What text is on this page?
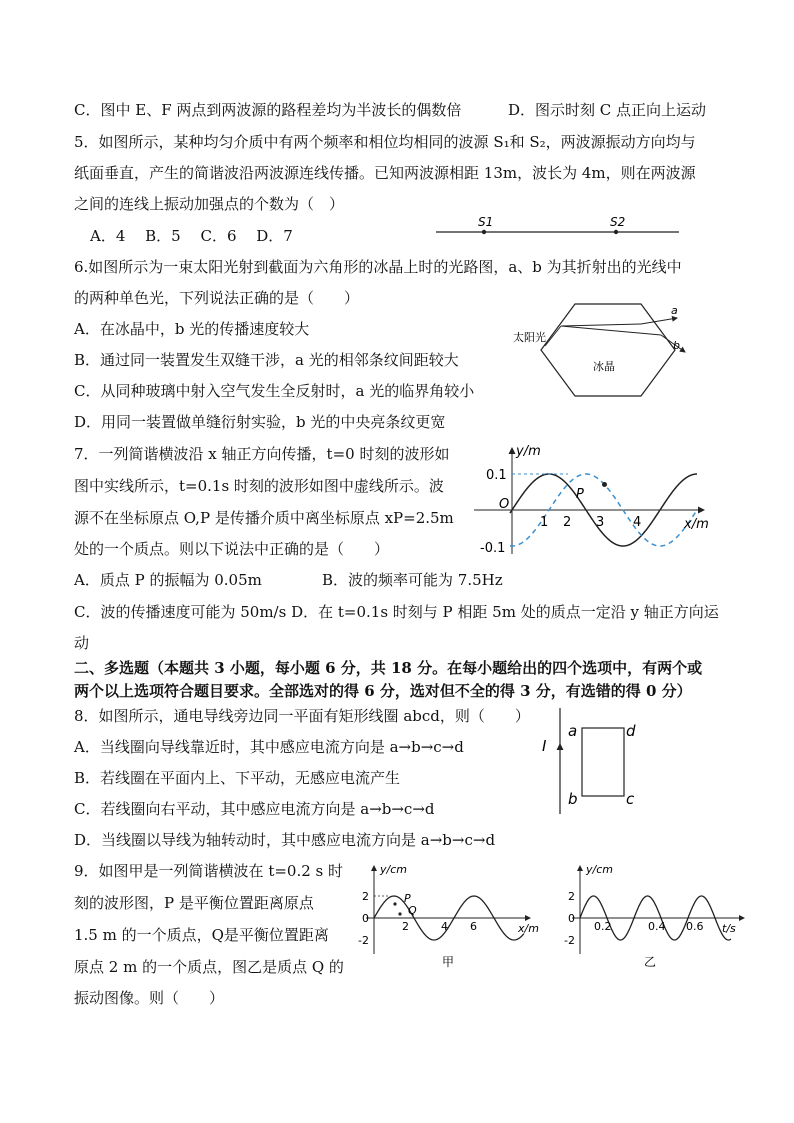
C．图中 E、F 两点到两波源的路程差均为半波长的偶数倍	D．图示时刻 C 点正向上运动
5．如图所示，某种均匀介质中有两个频率和相位均相同的波源 S₁和 S₂，两波源振动方向均与
纸面垂直，产生的简谐波沿两波源连线传播。已知两波源相距 13m，波长为 4m，则在两波源
之间的连线上振动加强点的个数为（　）
A．4　 B．5　 C．6　 D．7
6.如图所示为一束太阳光射到截面为六角形的冰晶上时的光路图，a、b 为其折射出的光线中
的两种单色光，下列说法正确的是（　　）
A．在冰晶中，b 光的传播速度较大
B．通过同一装置发生双缝干涉，a 光的相邻条纹间距较大
C．从同种玻璃中射入空气发生全反射时，a 光的临界角较小
D．用同一装置做单缝衍射实验，b 光的中央亮条纹更宽
7．一列简谐横波沿 x 轴正方向传播，t=0 时刻的波形如
图中实线所示，t=0.1s 时刻的波形如图中虚线所示。波
源不在坐标原点 O,P 是传播介质中离坐标原点 xP=2.5m
处的一个质点。则以下说法中正确的是（　　）
A．质点 P 的振幅为 0.05m	B．波的频率可能为 7.5Hz
C．波的传播速度可能为 50m/s D．在 t=0.1s 时刻与 P 相距 5m 处的质点一定沿 y 轴正方向运
动
二、多选题（本题共 3 小题，每小题 6 分，共 18 分。在每小题给出的四个选项中，有两个或
两个以上选项符合题目要求。全部选对的得 6 分，选对但不全的得 3 分，有选错的得 0 分）
8．如图所示，通电导线旁边同一平面有矩形线圈 abcd，则（　　）
A．当线圈向导线靠近时，其中感应电流方向是 a→b→c→d
B．若线圈在平面内上、下平动，无感应电流产生
C．若线圈向右平动，其中感应电流方向是 a→b→c→d
D．当线圈以导线为轴转动时，其中感应电流方向是 a→b→c→d
9．如图甲是一列简谐横波在 t=0.2 s 时
刻的波形图，P 是平衡位置距离原点
1.5 m 的一个质点，Q是平衡位置距离
原点 2 m 的一个质点，图乙是质点 Q 的
振动图像。则（　　）
S1	S2
太阳光
冰晶
a
b
y/m
x/m
O
0.1
-0.1
1 2 3 4
P
I
a
b	c
d
y/cm
x/m
2
0
-2
2	4 6
P
Q
甲
y/cm
t/s
2
0
-2
0.2	0.4 0.6
乙
